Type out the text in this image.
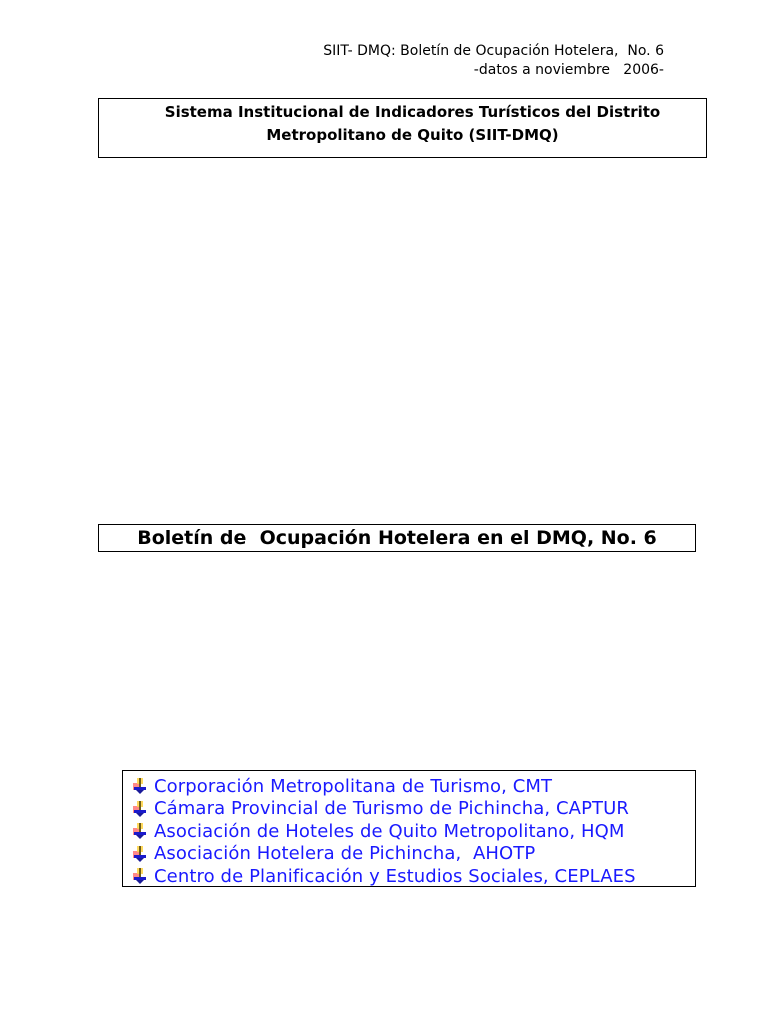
SIIT- DMQ: Boletín de Ocupación Hotelera,  No. 6
-datos a noviembre   2006-
Sistema Institucional de Indicadores Turísticos del Distrito
Metropolitano de Quito (SIIT-DMQ)
Boletín de  Ocupación Hotelera en el DMQ, No. 6
Corporación Metropolitana de Turismo, CMT
Cámara Provincial de Turismo de Pichincha, CAPTUR
Asociación de Hoteles de Quito Metropolitano, HQM
Asociación Hotelera de Pichincha,  AHOTP
Centro de Planificación y Estudios Sociales, CEPLAES
